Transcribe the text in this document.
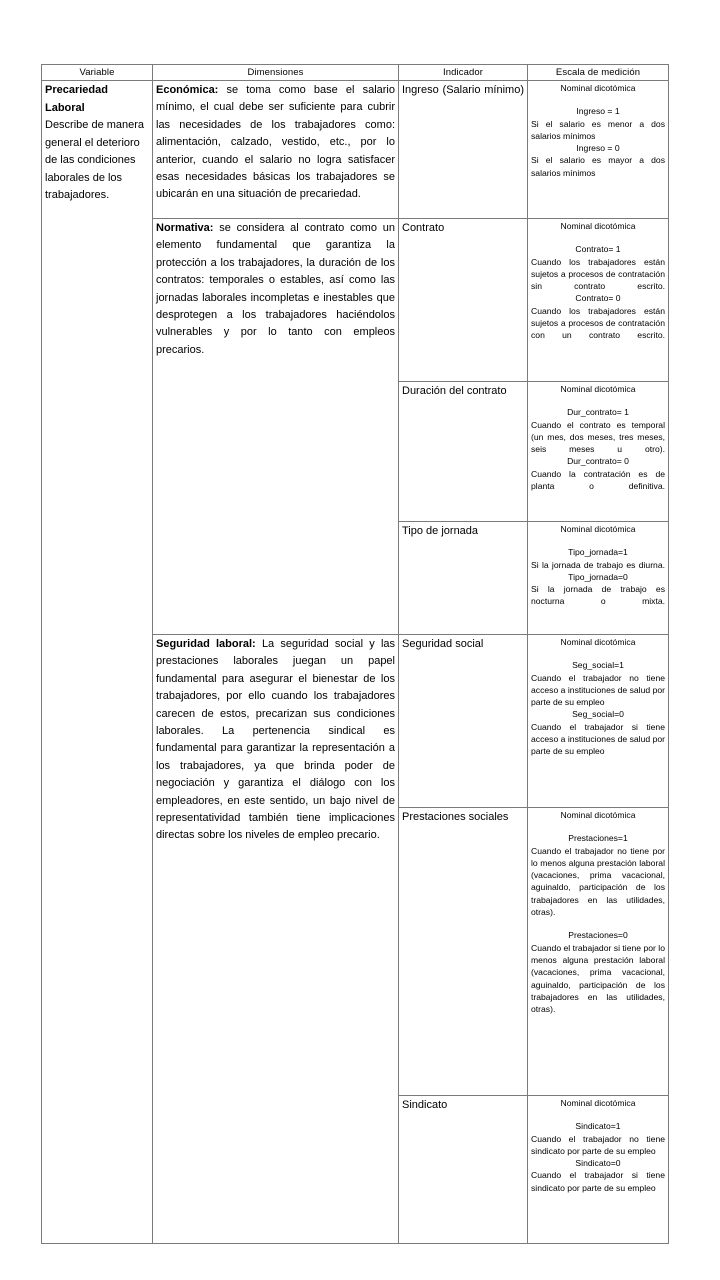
Variable	Dimensiones	Indicador	Escala de medición

Precariedad Laboral
Describe de manera general el deterioro de las condiciones laborales de los trabajadores.
	Económica: se toma como base el salario mínimo, el cual debe ser suficiente para cubrir las necesidades de los trabajadores como: alimentación, calzado, vestido, etc., por lo anterior, cuando el salario no logra satisfacer esas necesidades básicas los trabajadores se ubicarán en una situación de precariedad.	Ingreso (Salario mínimo)	Nominal dicotómica
Ingreso = 1
Si el salario es menor a dos salarios mínimos
Ingreso = 0
Si el salario es mayor a dos salarios mínimos

Normativa: se considera al contrato como un elemento fundamental que garantiza la protección a los trabajadores, la duración de los contratos: temporales o estables, así como las jornadas laborales incompletas e inestables que desprotegen a los trabajadores haciéndolos vulnerables y por lo tanto con empleos precarios.	Contrato	Nominal dicotómica
Contrato= 1
Cuando los trabajadores están sujetos a procesos de contratación sin contrato escrito.
Contrato= 0
Cuando los trabajadores están sujetos a procesos de contratación con un contrato escrito.

		Duración del contrato	Nominal dicotómica
Dur_contrato= 1
Cuando el contrato es temporal (un mes, dos meses, tres meses, seis meses u otro).
Dur_contrato= 0
Cuando la contratación es de planta o definitiva.

		Tipo de jornada	Nominal dicotómica
Tipo_jornada=1
Si la jornada de trabajo es diurna.
Tipo_jornada=0
Si la jornada de trabajo es nocturna o mixta.

Seguridad laboral: La seguridad social y las prestaciones laborales juegan un papel fundamental para asegurar el bienestar de los trabajadores, por ello cuando los trabajadores carecen de estos, precarizan sus condiciones laborales. La pertenencia sindical es fundamental para garantizar la representación a los trabajadores, ya que brinda poder de negociación y garantiza el diálogo con los empleadores, en este sentido, un bajo nivel de representatividad también tiene implicaciones directas sobre los niveles de empleo precario.	Seguridad social	Nominal dicotómica
Seg_social=1
Cuando el trabajador no tiene acceso a instituciones de salud por parte de su empleo
Seg_social=0
Cuando el trabajador si tiene acceso a instituciones de salud por parte de su empleo

		Prestaciones sociales	Nominal dicotómica
Prestaciones=1
Cuando el trabajador no tiene por lo menos alguna prestación laboral (vacaciones, prima vacacional, aguinaldo, participación de los trabajadores en las utilidades, otras).
Prestaciones=0
Cuando el trabajador si tiene por lo menos alguna prestación laboral (vacaciones, prima vacacional, aguinaldo, participación de los trabajadores en las utilidades, otras).

		Sindicato	Nominal dicotómica
Sindicato=1
Cuando el trabajador no tiene sindicato por parte de su empleo
Sindicato=0
Cuando el trabajador si tiene sindicato por parte de su empleo
